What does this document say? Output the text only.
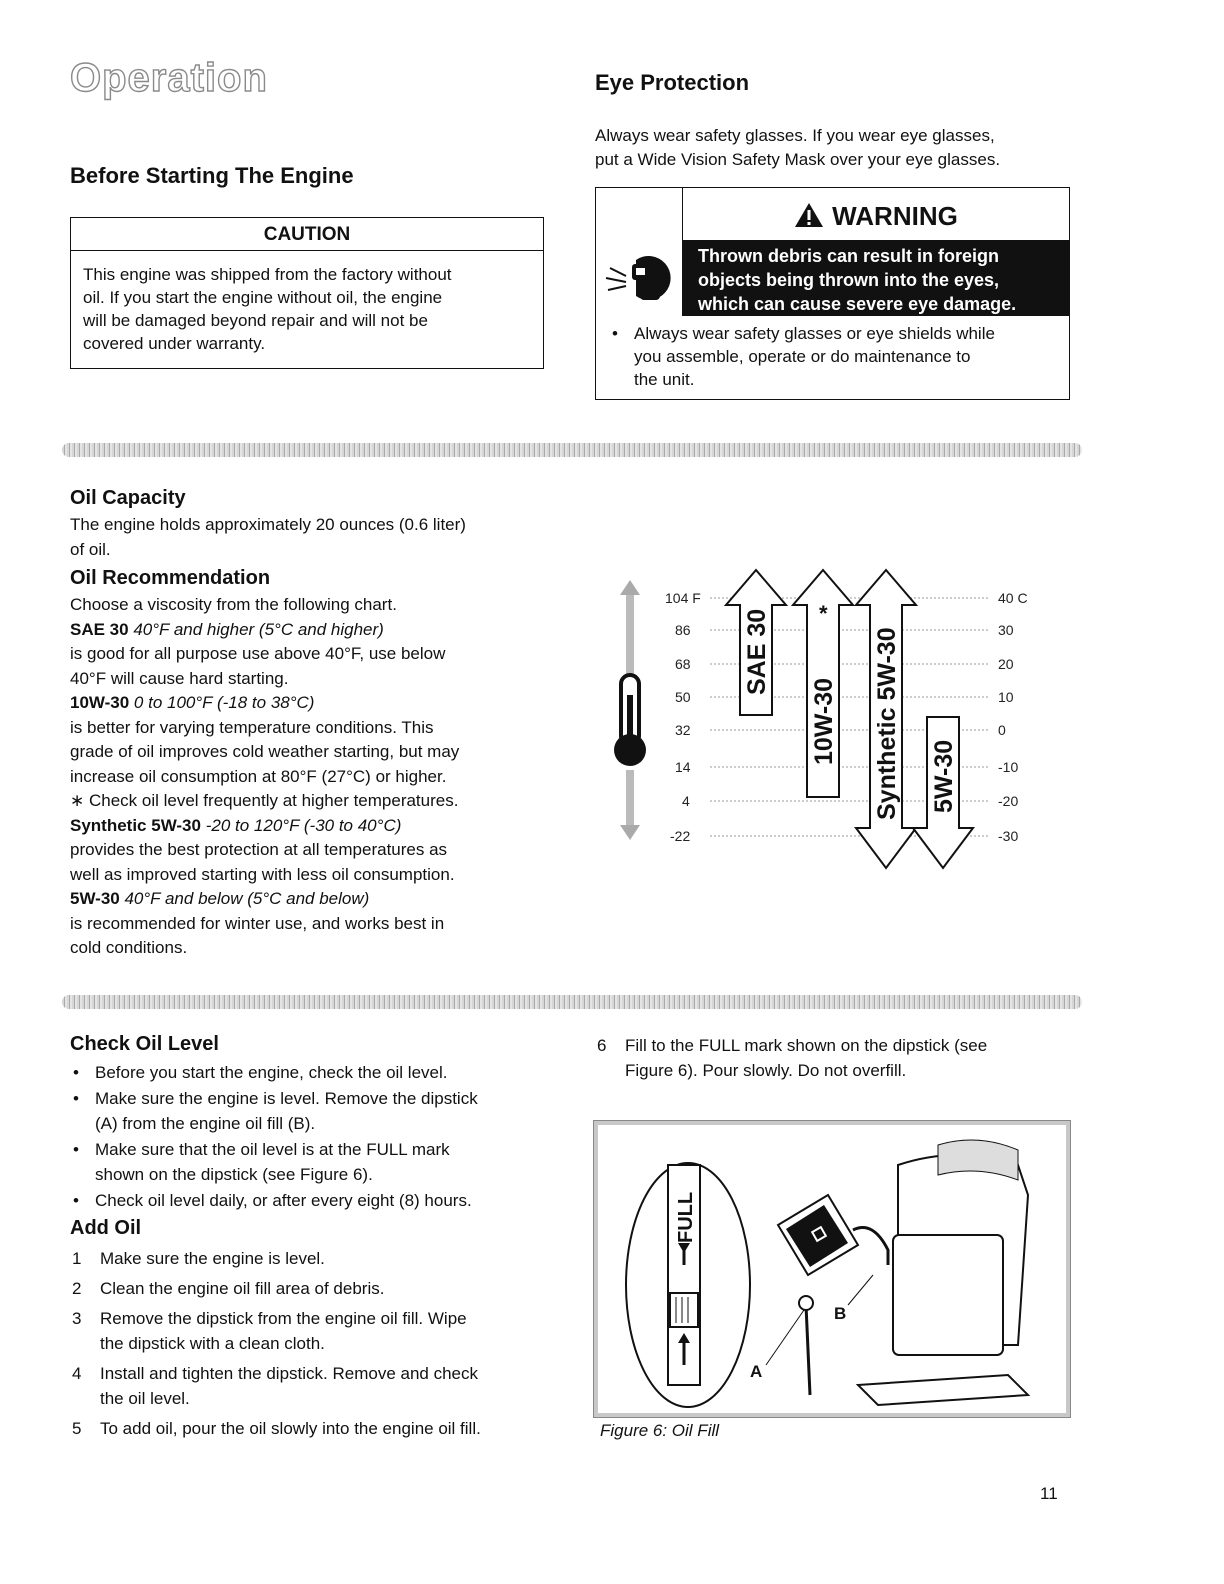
Operation
Before Starting The Engine
CAUTION
This engine was shipped from the factory without
oil. If you start the engine without oil, the engine
will be damaged beyond repair and will not be
covered under warranty.
Eye Protection
Always wear safety glasses. If you wear eye glasses,
put a Wide Vision Safety Mask over your eye glasses.
WARNING
Thrown debris can result in foreign
objects being thrown into the eyes,
which can cause severe eye damage.
• Always wear safety glasses or eye shields while
you assemble, operate or do maintenance to
the unit.
Oil Capacity
The engine holds approximately 20 ounces (0.6 liter)
of oil.
Oil Recommendation
Choose a viscosity from the following chart.
SAE 30 40°F and higher (5°C and higher)
is good for all purpose use above 40°F, use below
40°F will cause hard starting.
10W-30 0 to 100°F (-18 to 38°C)
is better for varying temperature conditions. This
grade of oil improves cold weather starting, but may
increase oil consumption at 80°F (27°C) or higher.
∗ Check oil level frequently at higher temperatures.
Synthetic 5W-30 -20 to 120°F (-30 to 40°C)
provides the best protection at all temperatures as
well as improved starting with less oil consumption.
5W-30 40°F and below (5°C and below)
is recommended for winter use, and works best in
cold conditions.
104 F
86
68
50
32
14
4
-22
40 C
30
20
10
0
-10
-20
-30
SAE 30
10W-30
*
Synthetic 5W-30 5W-30
Check Oil Level
• Before you start the engine, check the oil level.
• Make sure the engine is level. Remove the dipstick
(A) from the engine oil fill (B).
• Make sure that the oil level is at the FULL mark
shown on the dipstick (see Figure 6).
• Check oil level daily, or after every eight (8) hours.
Add Oil
1 Make sure the engine is level.
2 Clean the engine oil fill area of debris.
3 Remove the dipstick from the engine oil fill. Wipe
the dipstick with a clean cloth.
4 Install and tighten the dipstick. Remove and check
the oil level.
5 To add oil, pour the oil slowly into the engine oil fill.
6 Fill to the FULL mark shown on the dipstick (see
Figure 6). Pour slowly. Do not overfill.
FULL
A
B
Figure 6: Oil Fill
11
